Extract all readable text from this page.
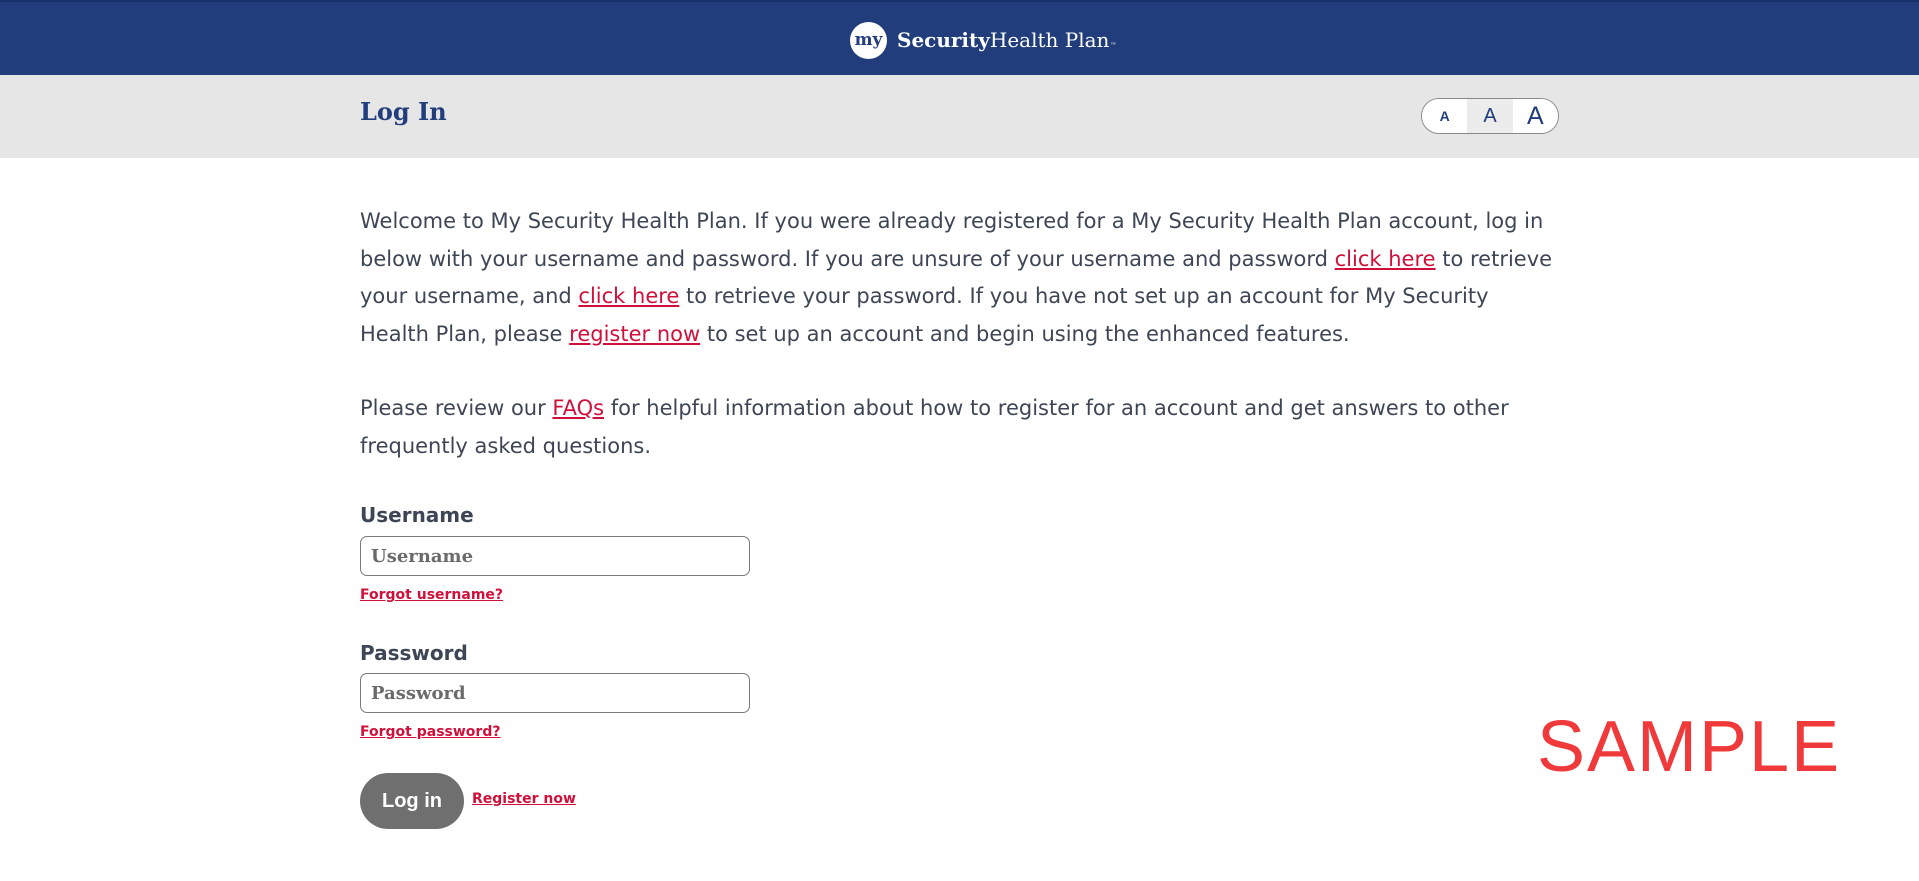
my SecurityHealth Plan™
Log In	A	A	A

Welcome to My Security Health Plan. If you were already registered for a My Security Health Plan account, log in below with your username and password. If you are unsure of your username and password click here to retrieve your username, and click here to retrieve your password. If you have not set up an account for My Security Health Plan, please register now to set up an account and begin using the enhanced features.

Please review our FAQs for helpful information about how to register for an account and get answers to other frequently asked questions.

Username
Username
Forgot username?
Password
Forgot password?
Log in	Register now
SAMPLE
